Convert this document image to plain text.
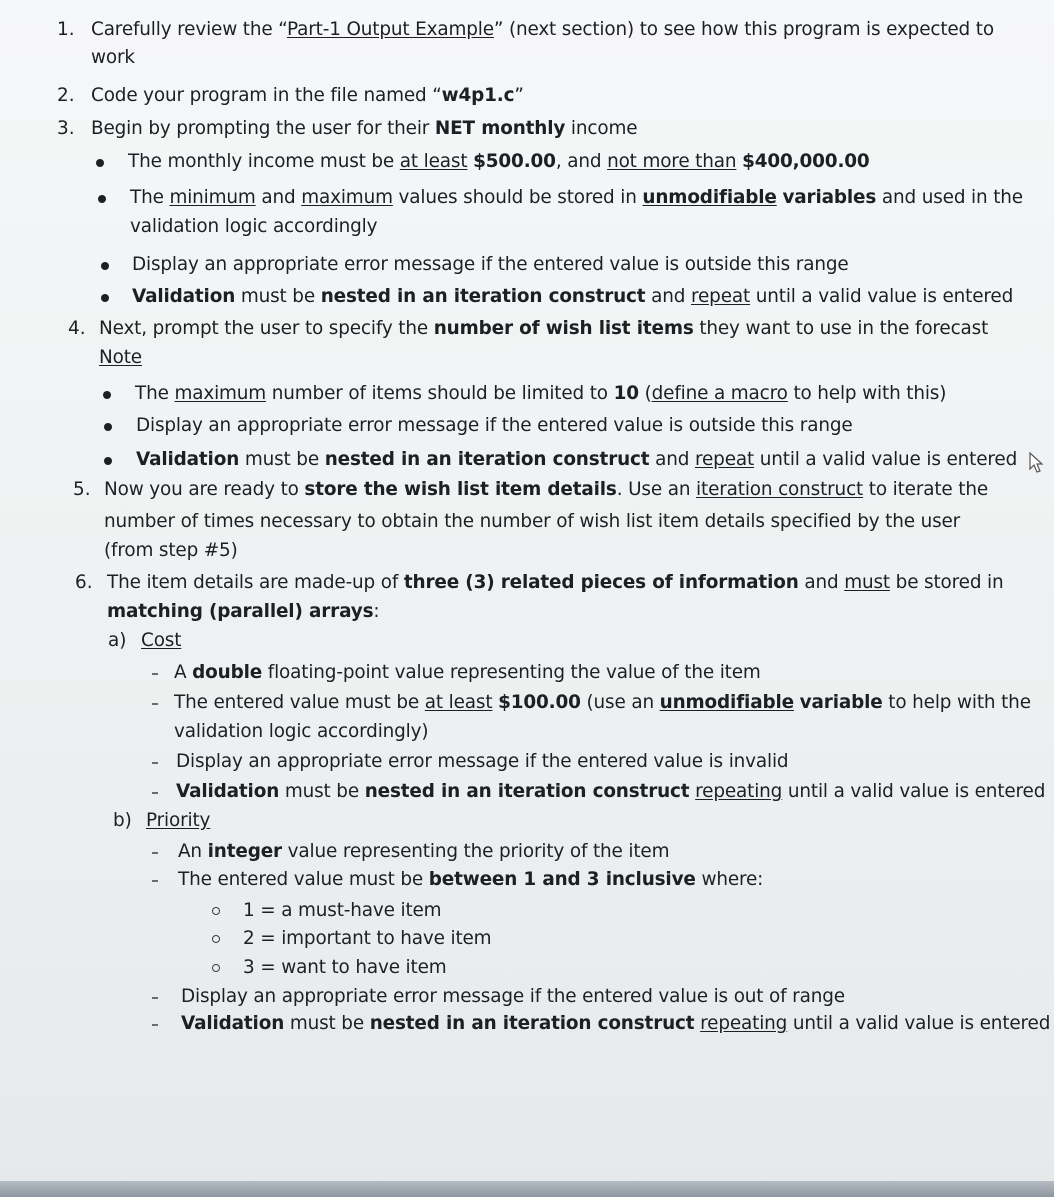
1. Carefully review the “Part-1 Output Example” (next section) to see how this program is expected to
work
2. Code your program in the file named “w4p1.c”
3. Begin by prompting the user for their NET monthly income
The monthly income must be at least $500.00, and not more than $400,000.00
The minimum and maximum values should be stored in unmodifiable variables and used in the
validation logic accordingly
Display an appropriate error message if the entered value is outside this range
Validation must be nested in an iteration construct and repeat until a valid value is entered
4. Next, prompt the user to specify the number of wish list items they want to use in the forecast
Note
The maximum number of items should be limited to 10 (define a macro to help with this)
Display an appropriate error message if the entered value is outside this range
Validation must be nested in an iteration construct and repeat until a valid value is entered
5. Now you are ready to store the wish list item details. Use an iteration construct to iterate the
number of times necessary to obtain the number of wish list item details specified by the user
(from step #5)
6. The item details are made-up of three (3) related pieces of information and must be stored in
matching (parallel) arrays:
a) Cost
A double floating-point value representing the value of the item
The entered value must be at least $100.00 (use an unmodifiable variable to help with the
validation logic accordingly)
Display an appropriate error message if the entered value is invalid
Validation must be nested in an iteration construct repeating until a valid value is entered
b) Priority
An integer value representing the priority of the item
The entered value must be between 1 and 3 inclusive where:
1 = a must-have item
2 = important to have item
3 = want to have item
Display an appropriate error message if the entered value is out of range
Validation must be nested in an iteration construct repeating until a valid value is entered
